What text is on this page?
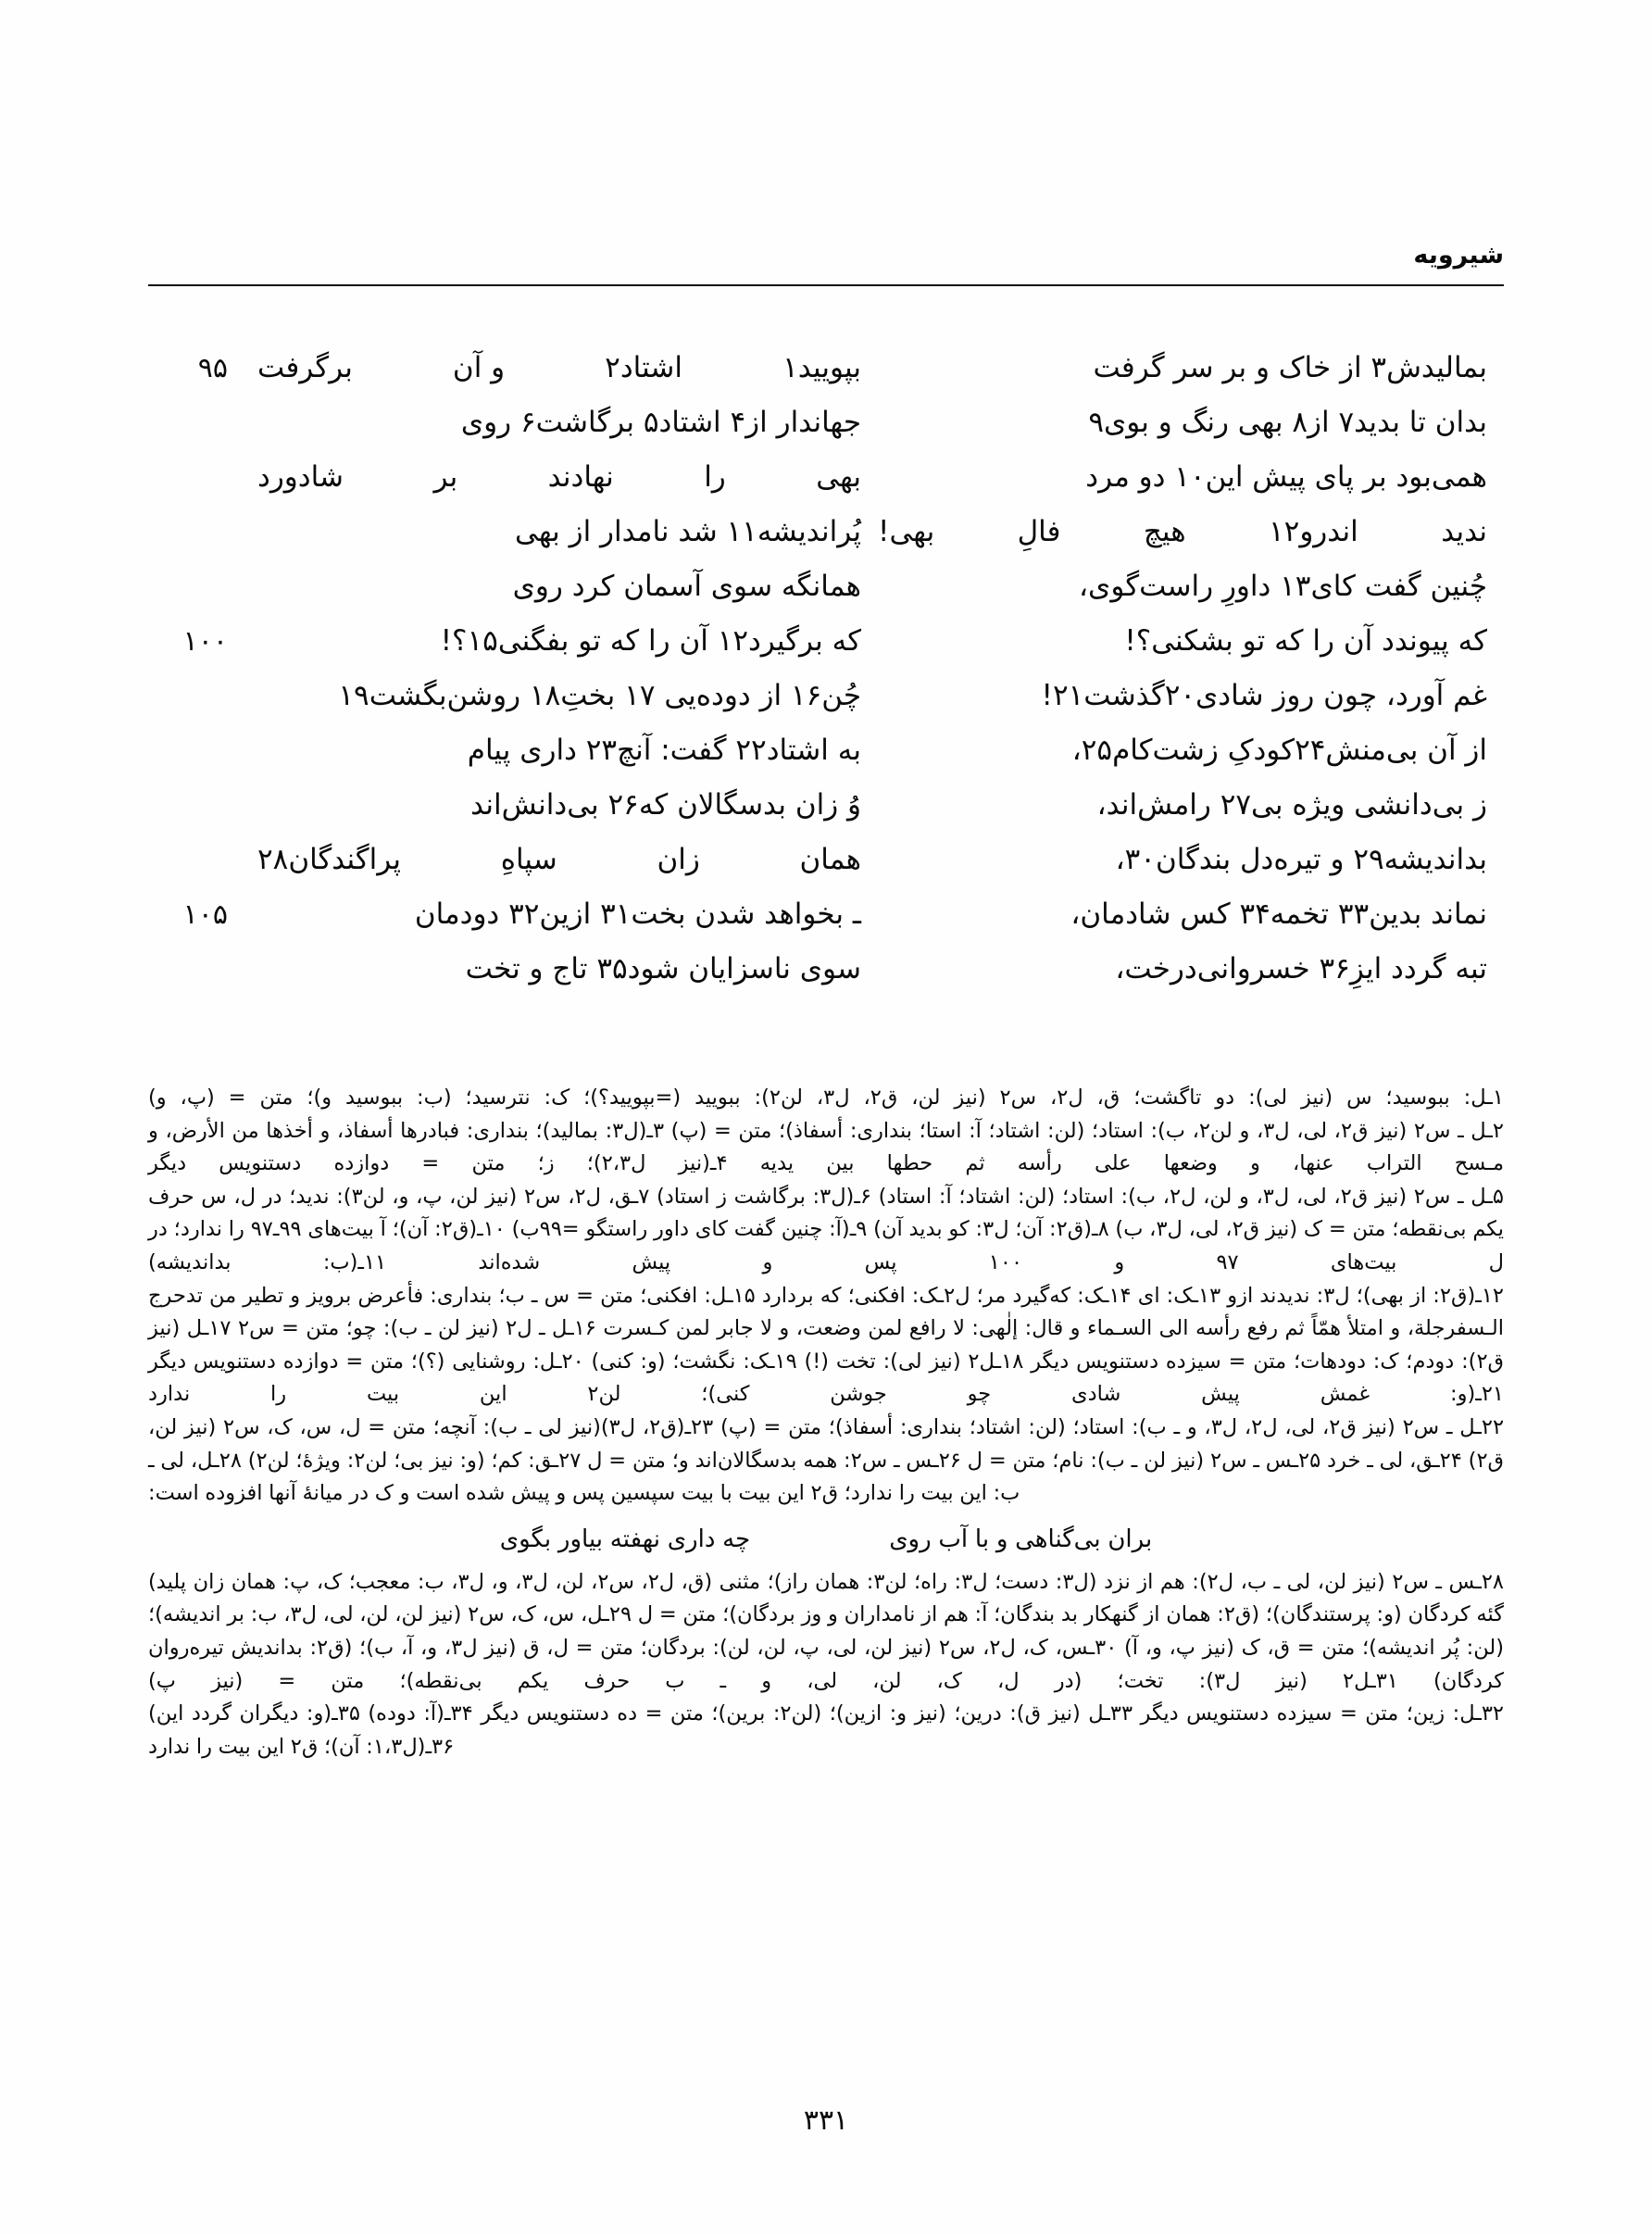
شیرویه
بمالیدش۳ از خاک و بر سر گرفت
بپویید۱
اشتاد۲
و آن
برگرفت
۹۵
بدان تا بدید۷ از۸ بهی رنگ و بوی۹
جهاندار از۴ اشتاد۵ برگاشت۶ روی
همی‌بود بر پای پیش این۱۰ دو مرد
بهی
را
نهادند
بر
شادورد
ندید
اندرو۱۲
هیچ
فالِ
بهی!
پُراندیشه۱۱ شد نامدار از بهی
چُنین گفت کای۱۳ داورِ راست‌گوی،
همانگه سوی آسمان کرد روی
که پیوندد آن را که تو بشکنی؟!
که برگیرد۱۲ آن را که تو بفگنی۱۵؟!
۱۰۰
غم آورد، چون روز شادی۲۰گذشت۲۱!
چُن۱۶ از دوده‌یی ۱۷ بختِ۱۸ روشن‌بگشت۱۹
از آن بی‌منش۲۴کودکِ زشت‌کام۲۵،
به اشتاد۲۲ گفت: آنچ۲۳ داری پیام
ز بی‌دانشی ویژه بی۲۷ رامش‌اند،
وُ زان بدسگالان که۲۶ بی‌دانش‌اند
بداندیشه۲۹ و تیره‌دل بندگان۳۰،
همان
زان
سپاهِ
پراگندگان۲۸
نماند بدین۳۳ تخمه۳۴ کس شادمان،
ـ بخواهد شدن بخت۳۱ ازین۳۲ دودمان
۱۰۵
تبه گردد ایزِ۳۶ خسروانی‌درخت،
سوی ناسزایان شود۳۵ تاج و تخت

۱ـل: ببوسید؛ س (نیز لی): دو تاگشت؛ ق، ل۲، س۲ (نیز لن، ق۲، ل۳، لن۲): ببویید (=بپویید؟)؛ ک: نترسید؛ (ب: ببوسید و)؛ متن = (پ، و)

۲ـل ـ س۲ (نیز ق۲، لی، ل۳، و لن۲، ب): استاد؛ (لن: اشتاد؛ آ: استا؛ بنداری: أسفاذ)؛ متن = (پ) ۳ـ(ل۳: بمالید)؛ بنداری: فبادرها أسفاذ، و أخذها من الأرض، و مـسح التراب عنها، و وضعها على رأسه ثم حطها بین یدیه ۴ـ(نیز ل۲،۳)؛ ز؛ متن = دوازده دستنویس دیگر

۵ـل ـ س۲ (نیز ق۲، لی، ل۳، و لن، ل۲، ب): استاد؛ (لن: اشتاد؛ آ: استاد) ۶ـ(ل۳: برگاشت ز استاد) ۷ـق، ل۲، س۲ (نیز لن، پ، و، لن۳): ندید؛ در ل، س حرف یکم بی‌نقطه؛ متن = ک (نیز ق۲، لی، ل۳، ب) ۸ـ(ق۲: آن؛ ل۳: کو بدید آن) ۹ـ(آ: چنین گفت کای داور راستگو =۹۹ب) ۱۰ـ(ق۲: آن)؛ آ بیت‌های ۹۹ـ۹۷ را ندارد؛ در ل بیت‌های ۹۷ و ۱۰۰ پس و پیش شده‌اند ۱۱ـ(ب: بداندیشه)

۱۲ـ(ق۲: از بهی)؛ ل۳: ندیدند ازو ۱۳ـک: ای ۱۴ـک: که‌گیرد مر؛ ل۲ـک: افکنی؛ که بردارد ۱۵ـل: افکنی؛ متن = س ـ ب؛ بنداری: فأعرض برویز و تطیر من تدحرج الـسفرجلة، و امتلأ همّاً ثم رفع رأسه الى السـماء و قال: إلٰهی: لا رافع لمن وضعت، و لا جابر لمن کـسرت ۱۶ـل ـ ل۲ (نیز لن ـ ب): چو؛ متن = س۲ ۱۷ـل (نیز ق۲): دودم؛ ک: دودهات؛ متن = سیزده دستنویس دیگر ۱۸ـل۲ (نیز لی): تخت (!) ۱۹ـک: نگشت؛ (و: کنی) ۲۰ـل: روشنایی (؟)؛ متن = دوازده دستنویس دیگر ۲۱ـ(و: غمش پیش شادی چو جوشن کنی)؛ لن۲ این بیت را ندارد

۲۲ـل ـ س۲ (نیز ق۲، لی، ل۲، ل۳، و ـ ب): استاد؛ (لن: اشتاد؛ بنداری: أسفاذ)؛ متن = (پ) ۲۳ـ(ق۲، ل۳)(نیز لی ـ ب): آنچه؛ متن = ل، س، ک، س۲ (نیز لن، ق۲) ۲۴ـق، لی ـ خرد ۲۵ـس ـ س۲ (نیز لن ـ ب): نام؛ متن = ل ۲۶ـس ـ س۲: همه بدسگالان‌اند و؛ متن = ل ۲۷ـق: کم؛ (و: نیز بی؛ لن۲: ویژۀ؛ لن۲) ۲۸ـل، لی ـ ب: این بیت را ندارد؛ ق۲ این بیت با بیت سپسین پس و پیش شده است و ک در میانۀ آنها افزوده است:

بران بی‌گناهی و با آب روی
چه داری نهفته بیاور بگوی

۲۸ـس ـ س۲ (نیز لن، لی ـ ب، ل۲): هم از نزد (ل۳: دست؛ ل۳: راه؛ لن۳: همان راز)؛ مثنی (ق، ل۲، س۲، لن، ل۳، و، ل۳، ب: معجب؛ ک، پ: همان زان پلید) گئه کردگان (و: پرستندگان)؛ (ق۲: همان از گنهکار بد بندگان؛ آ: هم از نامداران و وز بردگان)؛ متن = ل ۲۹ـل، س، ک، س۲ (نیز لن، لن، لی، ل۳، ب: بر اندیشه)؛ (لن: پُر اندیشه)؛ متن = ق، ک (نیز پ، و، آ) ۳۰ـس، ک، ل۲، س۲ (نیز لن، لی، پ، لن، لن): بردگان؛ متن = ل، ق (نیز ل۳، و، آ، ب)؛ (ق۲: بداندیش تیره‌روان کردگان) ۳۱ـل۲ (نیز ل۳): تخت؛ (در ل، ک، لن، لی، و ـ ب حرف یکم بی‌نقطه)؛ متن = (نیز پ)

۳۲ـل: زین؛ متن = سیزده دستنویس دیگر ۳۳ـل (نیز ق): درین؛ (نیز و: ازین)؛ (لن۲: برین)؛ متن = ده دستنویس دیگر ۳۴ـ(آ: دوده) ۳۵ـ(و: دیگران گردد این) ۳۶ـ(ل۱،۳: آن)؛ ق۲ این بیت را ندارد

۳۳۱
